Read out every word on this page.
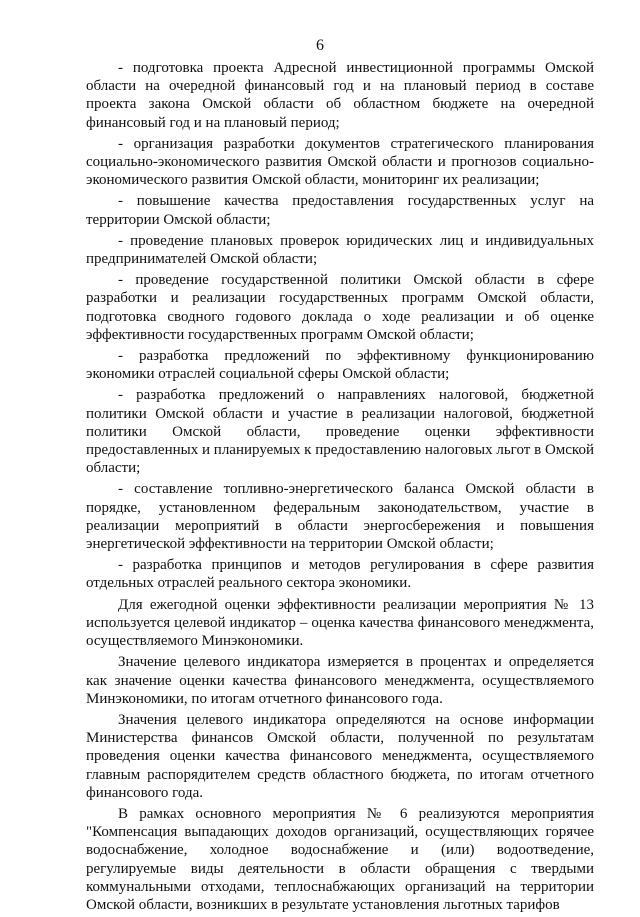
6

- подготовка проекта Адресной инвестиционной программы Омской области на очередной финансовый год и на плановый период в составе проекта закона Омской области об областном бюджете на очередной финансовый год и на плановый период;

- организация разработки документов стратегического планирования социально-экономического развития Омской области и прогнозов социально-экономического развития Омской области, мониторинг их реализации;

- повышение качества предоставления государственных услуг на территории Омской области;

- проведение плановых проверок юридических лиц и индивидуальных предпринимателей Омской области;

- проведение государственной политики Омской области в сфере разработки и реализации государственных программ Омской области, подготовка сводного годового доклада о ходе реализации и об оценке эффективности государственных программ Омской области;

- разработка предложений по эффективному функционированию экономики отраслей социальной сферы Омской области;

- разработка предложений о направлениях налоговой, бюджетной политики Омской области и участие в реализации налоговой, бюджетной политики Омской области, проведение оценки эффективности предоставленных и планируемых к предоставлению налоговых льгот в Омской области;

- составление топливно-энергетического баланса Омской области в порядке, установленном федеральным законодательством, участие в реализации мероприятий в области энергосбережения и повышения энергетической эффективности на территории Омской области;

- разработка принципов и методов регулирования в сфере развития отдельных отраслей реального сектора экономики.

Для ежегодной оценки эффективности реализации мероприятия № 13 используется целевой индикатор – оценка качества финансового менеджмента, осуществляемого Минэкономики.

Значение целевого индикатора измеряется в процентах и определяется как значение оценки качества финансового менеджмента, осуществляемого Минэкономики, по итогам отчетного финансового года.

Значения целевого индикатора определяются на основе информации Министерства финансов Омской области, полученной по результатам проведения оценки качества финансового менеджмента, осуществляемого главным распорядителем средств областного бюджета, по итогам отчетного финансового года.

В рамках основного мероприятия № 6 реализуются мероприятия "Компенсация выпадающих доходов организаций, осуществляющих горячее водоснабжение, холодное водоснабжение и (или) водоотведение, регулируемые виды деятельности в области обращения с твердыми коммунальными отходами, теплоснабжающих организаций на территории Омской области, возникших в результате установления льготных тарифов
